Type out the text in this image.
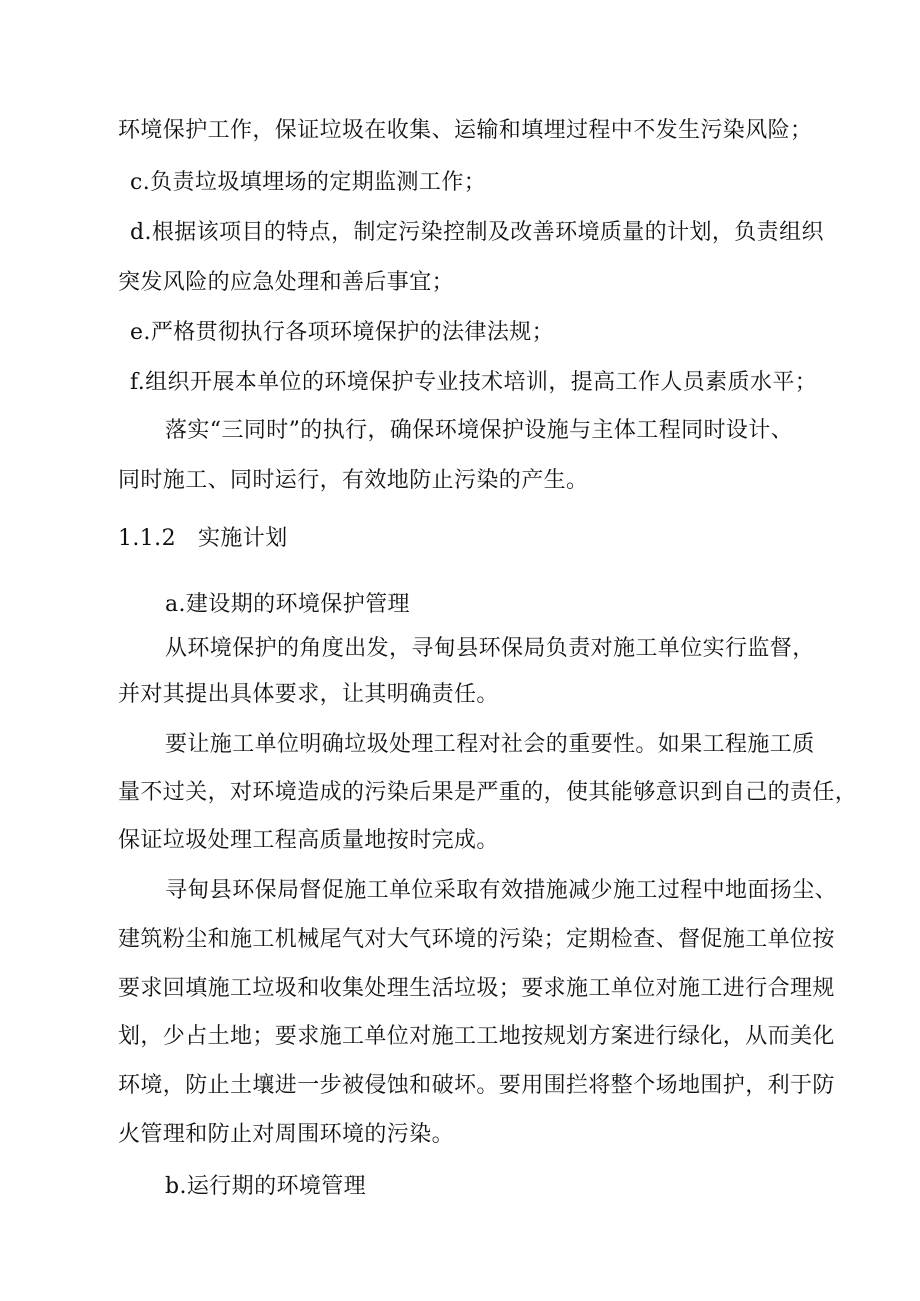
环境保护工作，保证垃圾在收集、运输和填埋过程中不发生污染风险；
c.负责垃圾填埋场的定期监测工作；
d.根据该项目的特点，制定污染控制及改善环境质量的计划，负责组织
突发风险的应急处理和善后事宜；
e.严格贯彻执行各项环境保护的法律法规；
f.组织开展本单位的环境保护专业技术培训，提高工作人员素质水平；
落实“三同时”的执行，确保环境保护设施与主体工程同时设计、
同时施工、同时运行，有效地防止污染的产生。
1.1.2 实施计划
a.建设期的环境保护管理
从环境保护的角度出发，寻甸县环保局负责对施工单位实行监督，
并对其提出具体要求，让其明确责任。
要让施工单位明确垃圾处理工程对社会的重要性。如果工程施工质
量不过关，对环境造成的污染后果是严重的，使其能够意识到自己的责任，
保证垃圾处理工程高质量地按时完成。
寻甸县环保局督促施工单位采取有效措施减少施工过程中地面扬尘、
建筑粉尘和施工机械尾气对大气环境的污染；定期检查、督促施工单位按
要求回填施工垃圾和收集处理生活垃圾；要求施工单位对施工进行合理规
划，少占土地；要求施工单位对施工工地按规划方案进行绿化，从而美化
环境，防止土壤进一步被侵蚀和破坏。要用围拦将整个场地围护，利于防
火管理和防止对周围环境的污染。
b.运行期的环境管理
